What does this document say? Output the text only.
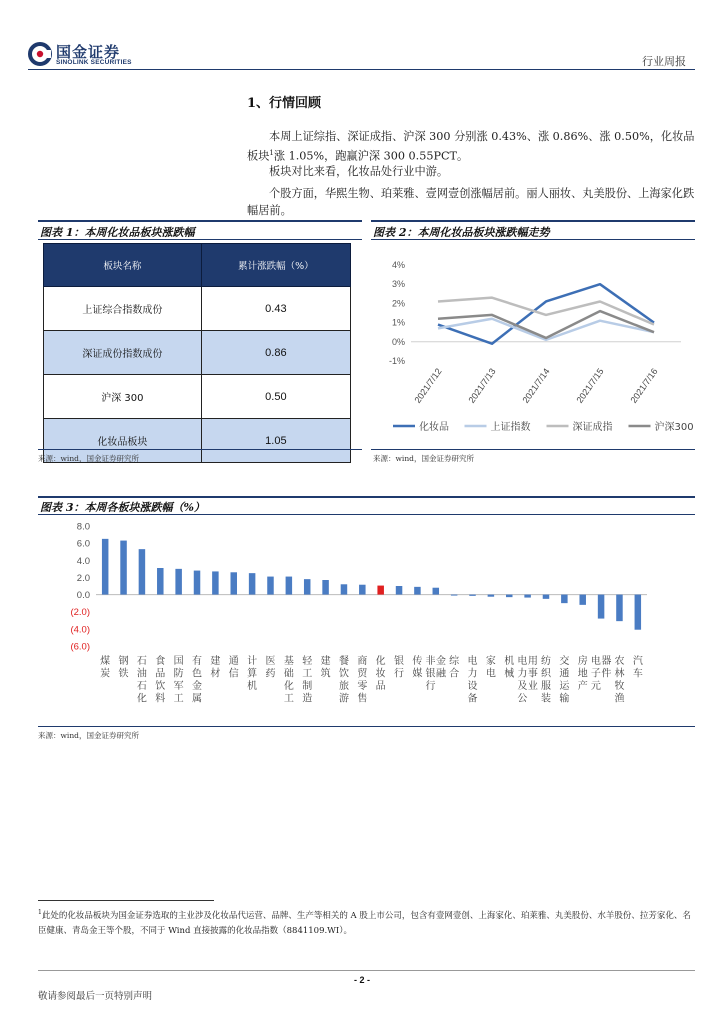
国金证券
SINOLINK SECURITIES	行业周报
1、行情回顾

本周上证综指、深证成指、沪深 300 分别涨 0.43%、涨 0.86%、涨 0.50%，化妆品板块$^1$涨 1.05%，跑赢沪深 300 0.55PCT。

板块对比来看，化妆品处行业中游。

个股方面，华熙生物、珀莱雅、壹网壹创涨幅居前。丽人丽妆、丸美股份、上海家化跌幅居前。

图表 1：本周化妆品板块涨跌幅
板块名称	累计涨跌幅（%）
上证综合指数成份	0.43
深证成份指数成份	0.86
沪深 300	0.50
化妆品板块	1.05
来源：wind，国金证券研究所
图表 2：本周化妆品板块涨跌幅走势
-1%
0%
1%
2%
3%
4%
2021/7/12	2021/7/13	2021/7/14	2021/7/15	2021/7/16
化妆品	上证指数	深证成指	沪深300
来源：wind，国金证券研究所
图表 3：本周各板块涨跌幅（%）
8.0
6.0
4.0
2.0
0.0
(2.0)
(4.0)
(6.0)
煤炭
钢铁
石油石化
食品饮料
国防军工
有色金属
建材
通信
计算机
医药
基础化工
轻工制造
建筑
餐饮旅游
商贸零售
化妆品
银行
传媒
非银行金融
综合
电力设备
家电
机械
电力及公用事业
纺织服装
交通运输
房地产
电子元器件
农林牧渔
汽车
来源：wind，国金证券研究所
$^1$此处的化妆品板块为国金证券选取的主业涉及化妆品代运营、品牌、生产等相关的 A 股上市公司，包含有壹网壹创、上海家化、珀莱雅、丸美股份、水羊股份、拉芳家化、名臣健康、青岛金王等个股，不同于 Wind 直接披露的化妆品指数（8841109.WI）。
- 2 -
敬请参阅最后一页特别声明
